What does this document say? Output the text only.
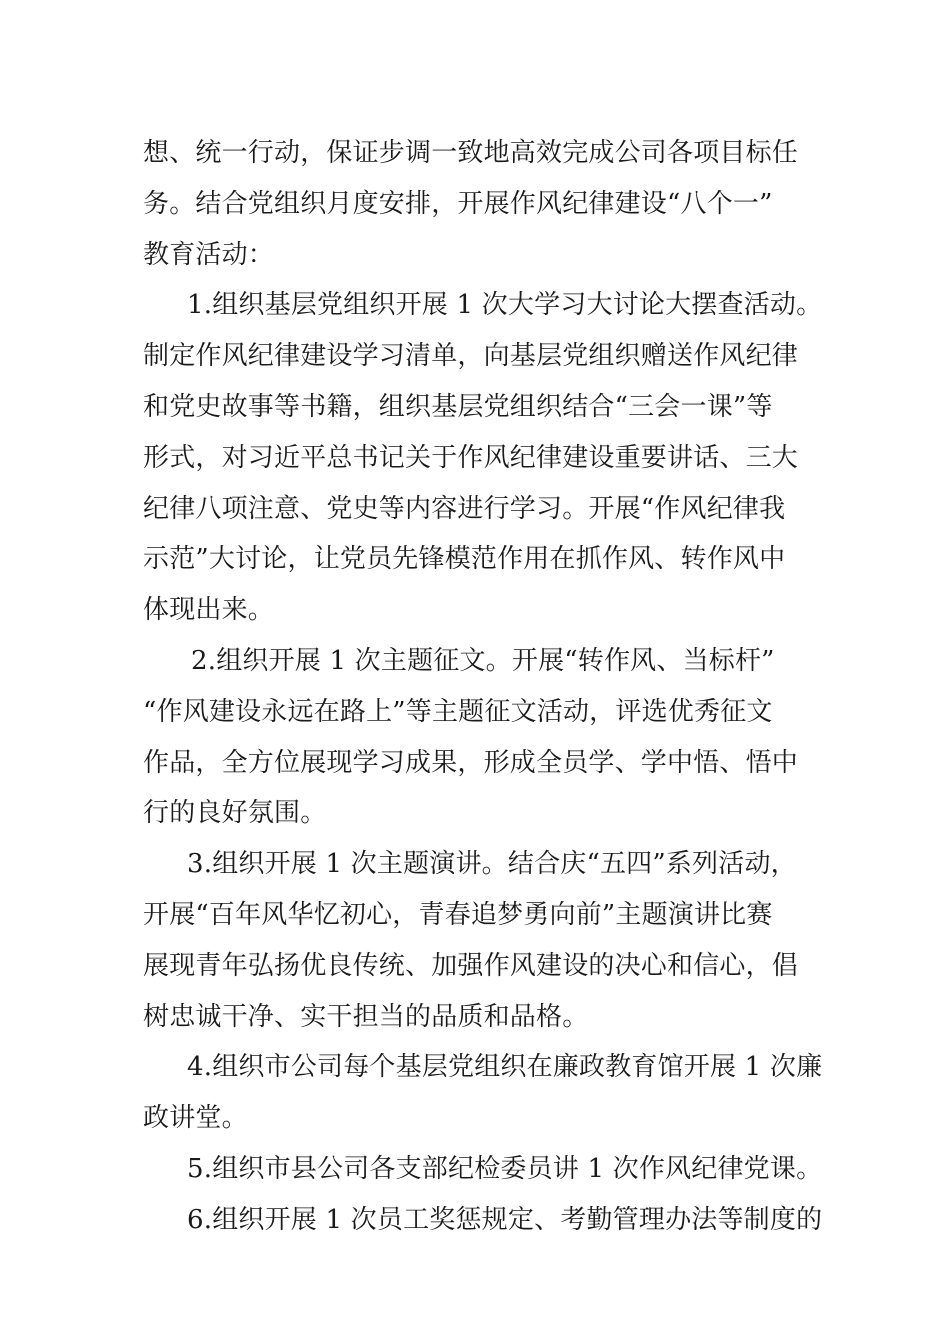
想、统一行动，保证步调一致地高效完成公司各项目标任
务。结合党组织月度安排，开展作风纪律建设“八个一”
教育活动：
1.组织基层党组织开展 1 次大学习大讨论大摆查活动。
制定作风纪律建设学习清单，向基层党组织赠送作风纪律
和党史故事等书籍，组织基层党组织结合“三会一课”等
形式，对习近平总书记关于作风纪律建设重要讲话、三大
纪律八项注意、党史等内容进行学习。开展“作风纪律我
示范”大讨论，让党员先锋模范作用在抓作风、转作风中
体现出来。
2.组织开展 1 次主题征文。开展“转作风、当标杆”
“作风建设永远在路上”等主题征文活动，评选优秀征文
作品，全方位展现学习成果，形成全员学、学中悟、悟中
行的良好氛围。
3.组织开展 1 次主题演讲。结合庆“五四”系列活动，
开展“百年风华忆初心，青春追梦勇向前”主题演讲比赛
展现青年弘扬优良传统、加强作风建设的决心和信心，倡
树忠诚干净、实干担当的品质和品格。
4.组织市公司每个基层党组织在廉政教育馆开展 1 次廉
政讲堂。
5.组织市县公司各支部纪检委员讲 1 次作风纪律党课。
6.组织开展 1 次员工奖惩规定、考勤管理办法等制度的
